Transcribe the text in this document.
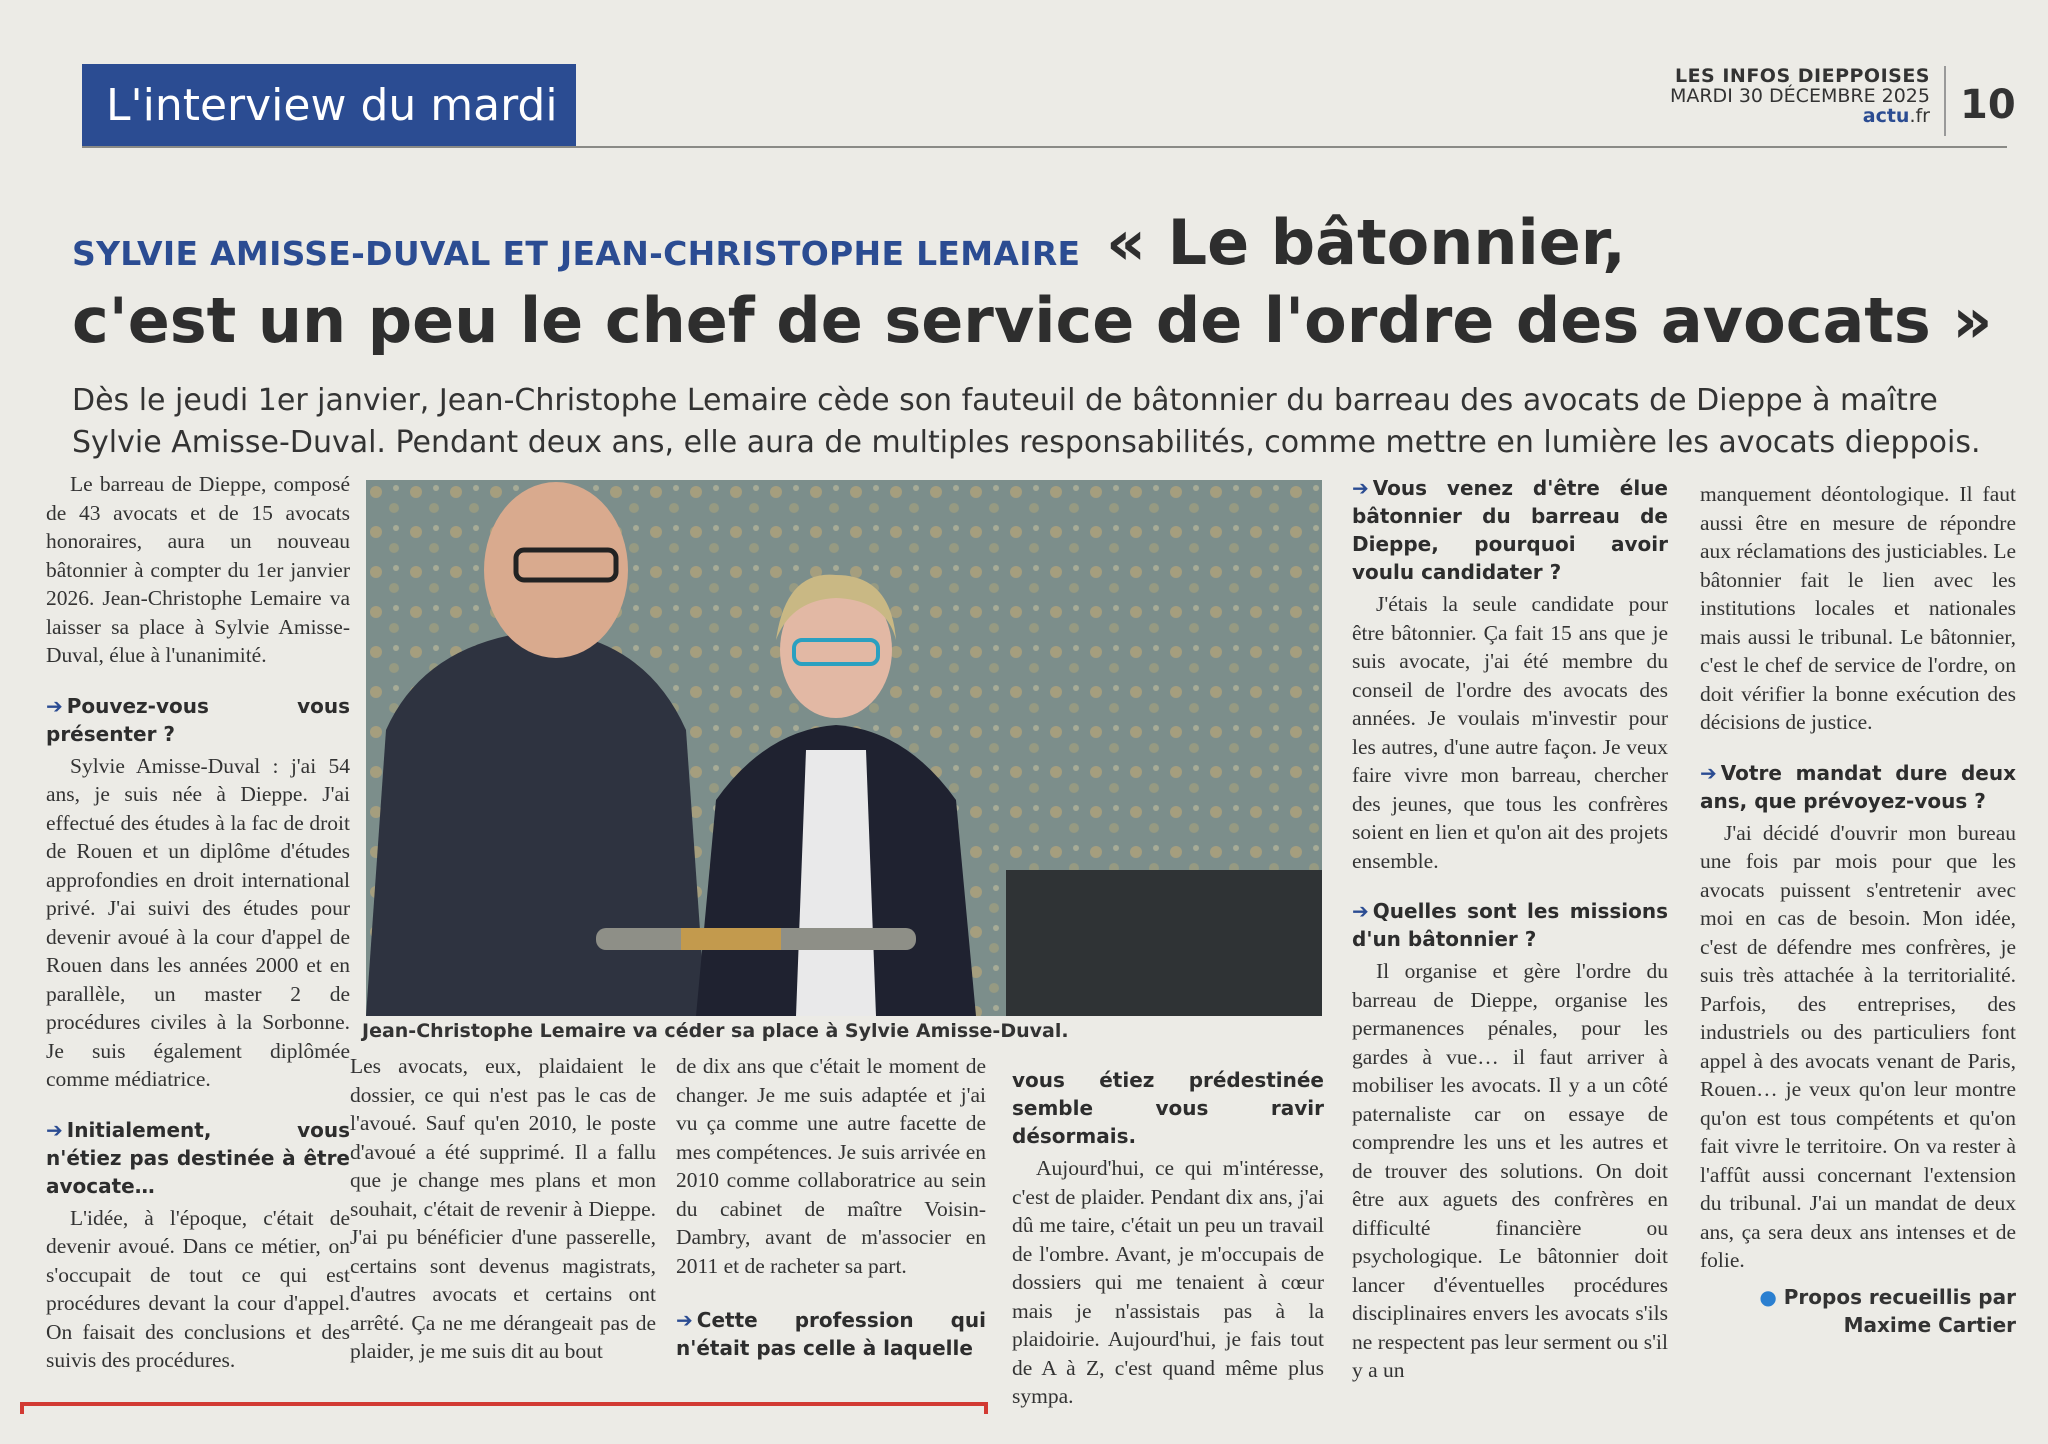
L'interview du mardi
LES INFOS DIEPPOISES
MARDI 30 DÉCEMBRE 2025
actu.fr 10
SYLVIE AMISSE-DUVAL ET JEAN-CHRISTOPHE LEMAIRE « Le bâtonnier,
c'est un peu le chef de service de l'ordre des avocats »
Dès le jeudi 1er janvier, Jean-Christophe Lemaire cède son fauteuil de bâtonnier du barreau des avocats de Dieppe à maître Sylvie Amisse-Duval. Pendant deux ans, elle aura de multiples responsabilités, comme mettre en lumière les avocats dieppois.
Jean-Christophe Lemaire va céder sa place à Sylvie Amisse-Duval.

Le barreau de Dieppe, composé de 43 avocats et de 15 avocats honoraires, aura un nouveau bâtonnier à compter du 1er janvier 2026. Jean-Christophe Lemaire va laisser sa place à Sylvie Amisse-Duval, élue à l'unanimité.

➔ Pouvez-vous vous présenter ?

Sylvie Amisse-Duval : j'ai 54 ans, je suis née à Dieppe. J'ai effectué des études à la fac de droit de Rouen et un diplôme d'études approfondies en droit international privé. J'ai suivi des études pour devenir avoué à la cour d'appel de Rouen dans les années 2000 et en parallèle, un master 2 de procédures civiles à la Sorbonne. Je suis également diplômée comme médiatrice.

➔ Initialement, vous n'étiez pas destinée à être avocate…

L'idée, à l'époque, c'était de devenir avoué. Dans ce métier, on s'occupait de tout ce qui est procédures devant la cour d'appel. On faisait des conclusions et des suivis des procédures.

Les avocats, eux, plaidaient le dossier, ce qui n'est pas le cas de l'avoué. Sauf qu'en 2010, le poste d'avoué a été supprimé. Il a fallu que je change mes plans et mon souhait, c'était de revenir à Dieppe. J'ai pu bénéficier d'une passerelle, certains sont devenus magistrats, d'autres avocats et certains ont arrêté. Ça ne me dérangeait pas de plaider, je me suis dit au bout

de dix ans que c'était le moment de changer. Je me suis adaptée et j'ai vu ça comme une autre facette de mes compétences. Je suis arrivée en 2010 comme collaboratrice au sein du cabinet de maître Voisin-Dambry, avant de m'associer en 2011 et de racheter sa part.

➔ Cette profession qui n'était pas celle à laquelle
vous étiez prédestinée semble vous ravir désormais.

Aujourd'hui, ce qui m'intéresse, c'est de plaider. Pendant dix ans, j'ai dû me taire, c'était un peu un travail de l'ombre. Avant, je m'occupais de dossiers qui me tenaient à cœur mais je n'assistais pas à la plaidoirie. Aujourd'hui, je fais tout de A à Z, c'est quand même plus sympa.

➔ Vous venez d'être élue bâtonnier du barreau de Dieppe, pourquoi avoir voulu candidater ?

J'étais la seule candidate pour être bâtonnier. Ça fait 15 ans que je suis avocate, j'ai été membre du conseil de l'ordre des avocats des années. Je voulais m'investir pour les autres, d'une autre façon. Je veux faire vivre mon barreau, chercher des jeunes, que tous les confrères soient en lien et qu'on ait des projets ensemble.

➔ Quelles sont les missions d'un bâtonnier ?

Il organise et gère l'ordre du barreau de Dieppe, organise les permanences pénales, pour les gardes à vue… il faut arriver à mobiliser les avocats. Il y a un côté paternaliste car on essaye de comprendre les uns et les autres et de trouver des solutions. On doit être aux aguets des confrères en difficulté financière ou psychologique. Le bâtonnier doit lancer d'éventuelles procédures disciplinaires envers les avocats s'ils ne respectent pas leur serment ou s'il y a un

manquement déontologique. Il faut aussi être en mesure de répondre aux réclamations des justiciables. Le bâtonnier fait le lien avec les institutions locales et nationales mais aussi le tribunal. Le bâtonnier, c'est le chef de service de l'ordre, on doit vérifier la bonne exécution des décisions de justice.

➔ Votre mandat dure deux ans, que prévoyez-vous ?

J'ai décidé d'ouvrir mon bureau une fois par mois pour que les avocats puissent s'entretenir avec moi en cas de besoin. Mon idée, c'est de défendre mes confrères, je suis très attachée à la territorialité. Parfois, des entreprises, des industriels ou des particuliers font appel à des avocats venant de Paris, Rouen… je veux qu'on leur montre qu'on est tous compétents et qu'on fait vivre le territoire. On va rester à l'affût aussi concernant l'extension du tribunal. J'ai un mandat de deux ans, ça sera deux ans intenses et de folie.

● Propos recueillis par
Maxime Cartier
